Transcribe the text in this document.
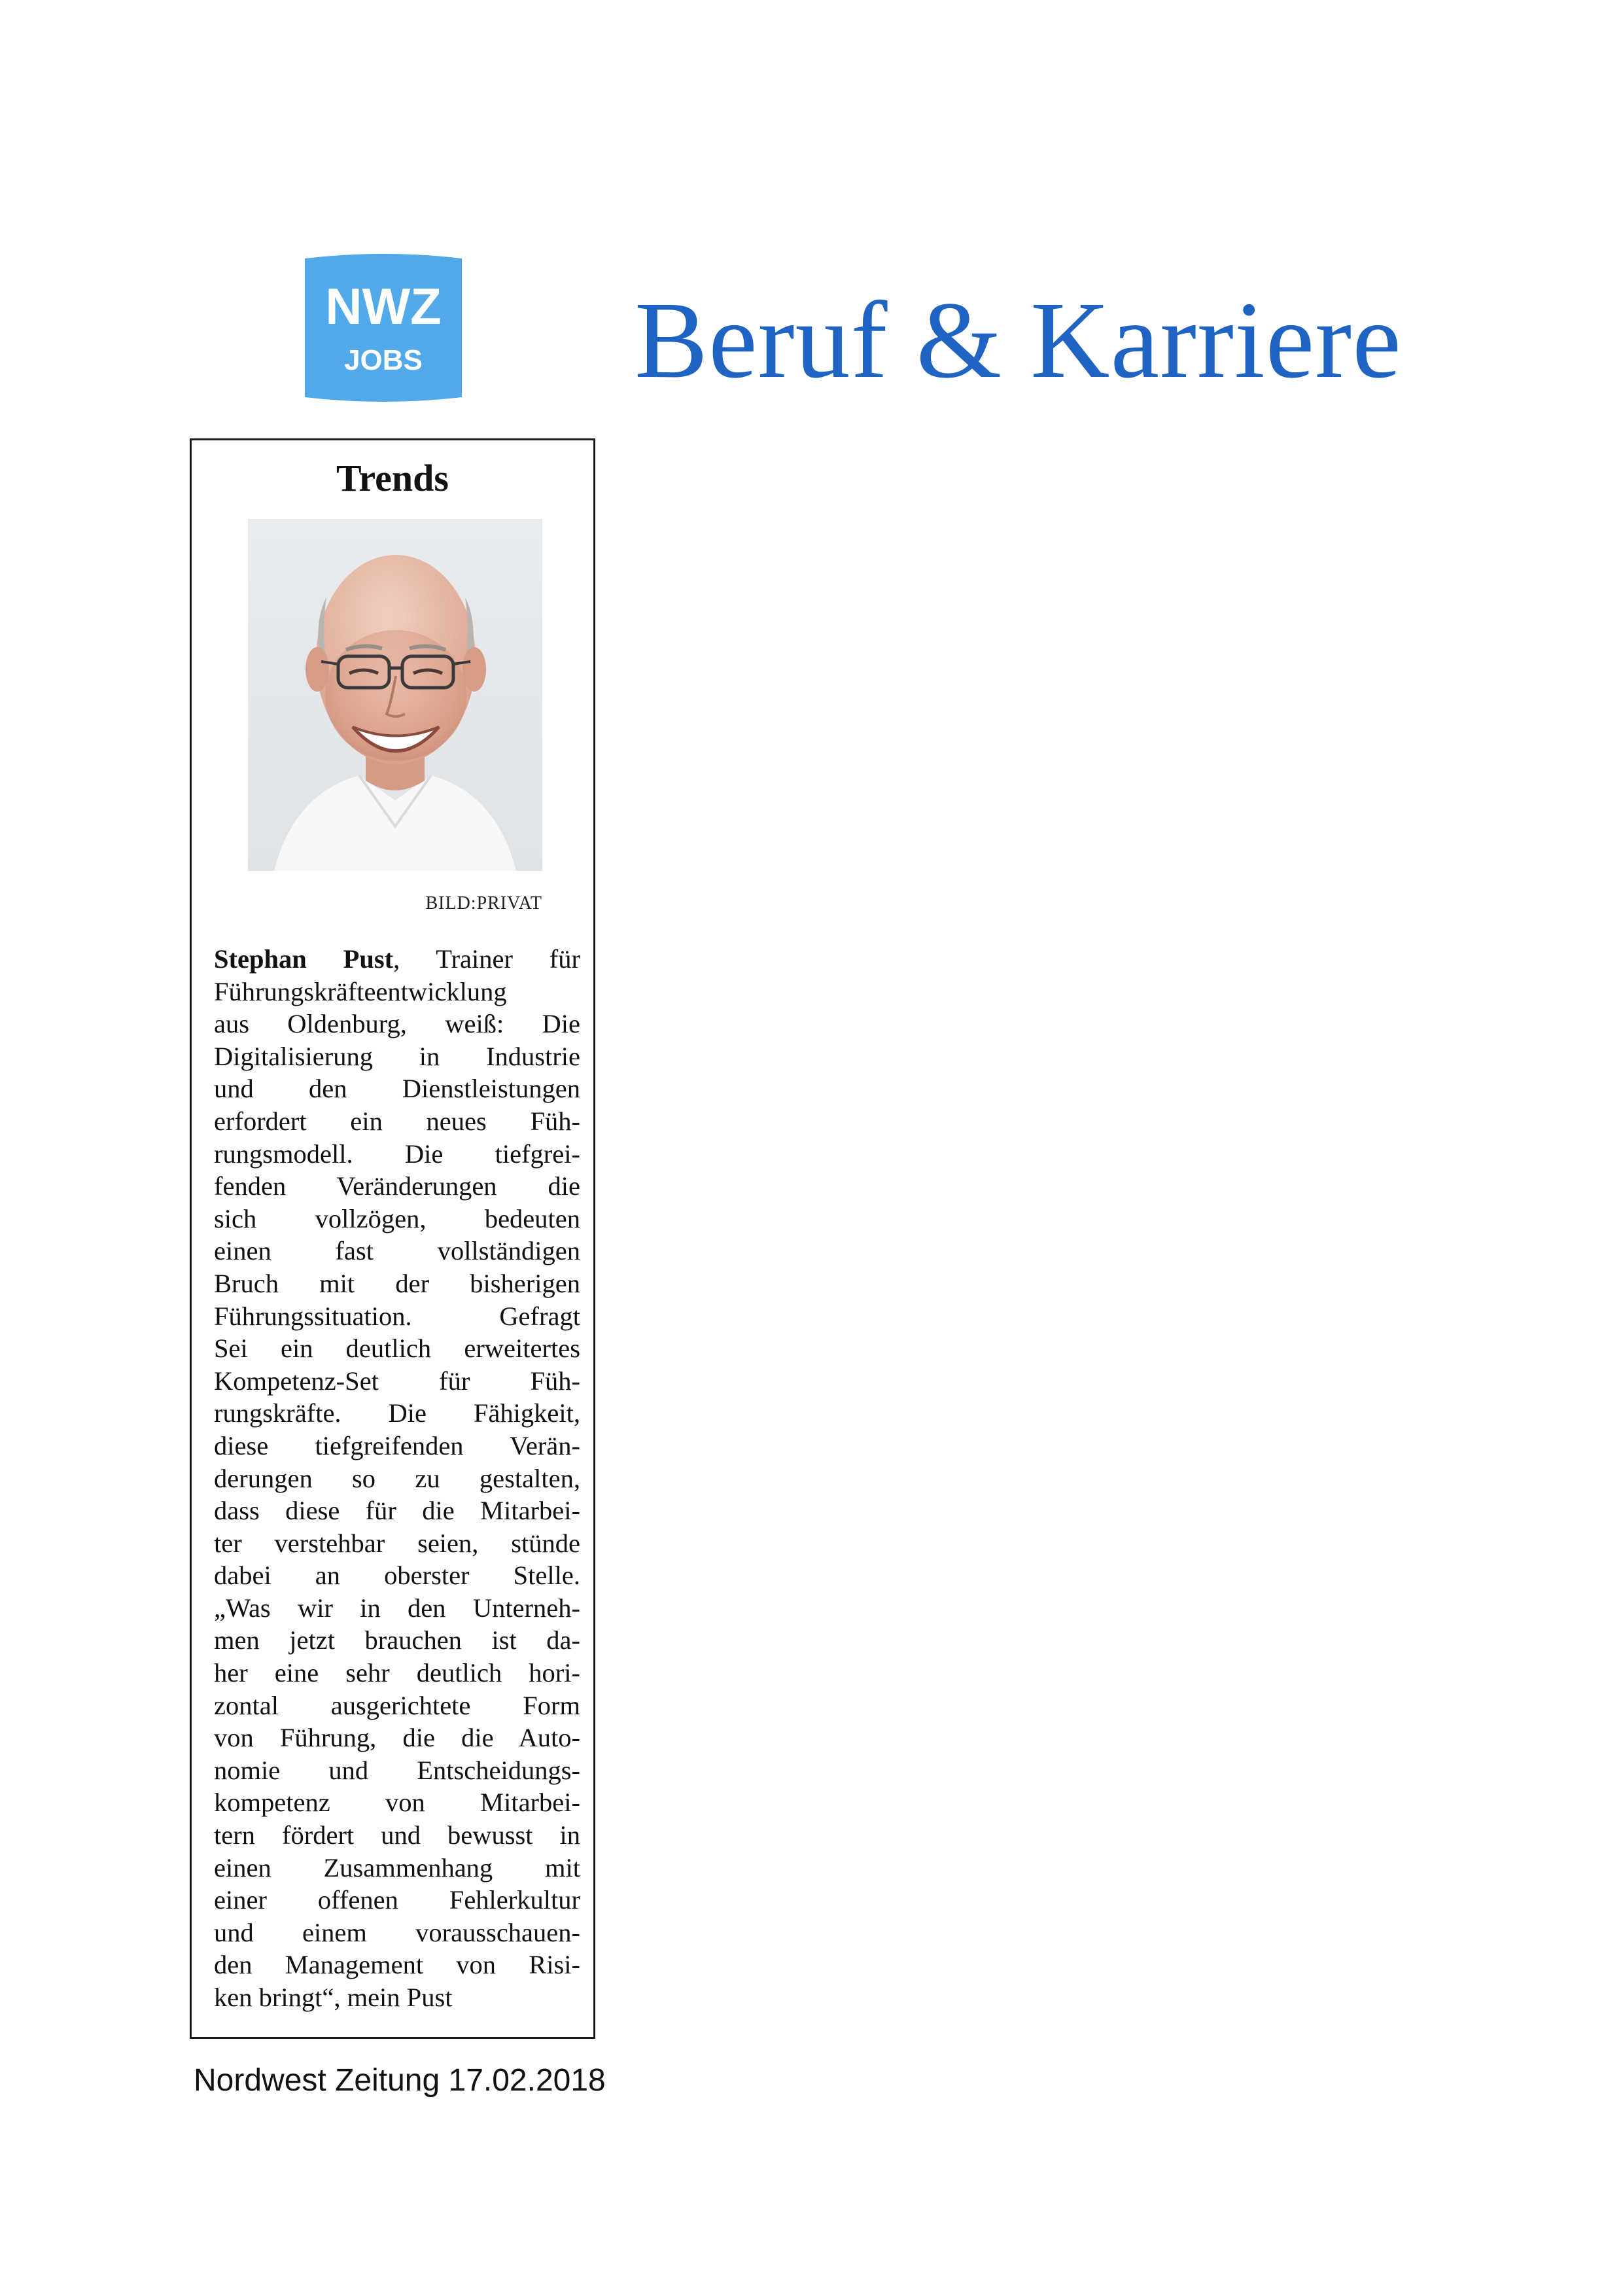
NWZ
JOBS Beruf & Karriere
Trends
BILD:PRIVAT
Stephan Pust, Trainer für
Führungskräfteentwicklung
aus Oldenburg, weiß: Die
Digitalisierung in Industrie
und den Dienstleistungen
erfordert ein neues Füh-
rungsmodell. Die tiefgrei-
fenden Veränderungen die
sich vollzögen, bedeuten
einen fast vollständigen
Bruch mit der bisherigen
Führungssituation. Gefragt
Sei ein deutlich erweitertes
Kompetenz-Set für Füh-
rungskräfte. Die Fähigkeit,
diese tiefgreifenden Verän-
derungen so zu gestalten,
dass diese für die Mitarbei-
ter verstehbar seien, stünde
dabei an oberster Stelle.
„Was wir in den Unterneh-
men jetzt brauchen ist da-
her eine sehr deutlich hori-
zontal ausgerichtete Form
von Führung, die die Auto-
nomie und Entscheidungs-
kompetenz von Mitarbei-
tern fördert und bewusst in
einen Zusammenhang mit
einer offenen Fehlerkultur
und einem vorausschauen-
den Management von Risi-
ken bringt“, mein Pust
Nordwest Zeitung 17.02.2018
